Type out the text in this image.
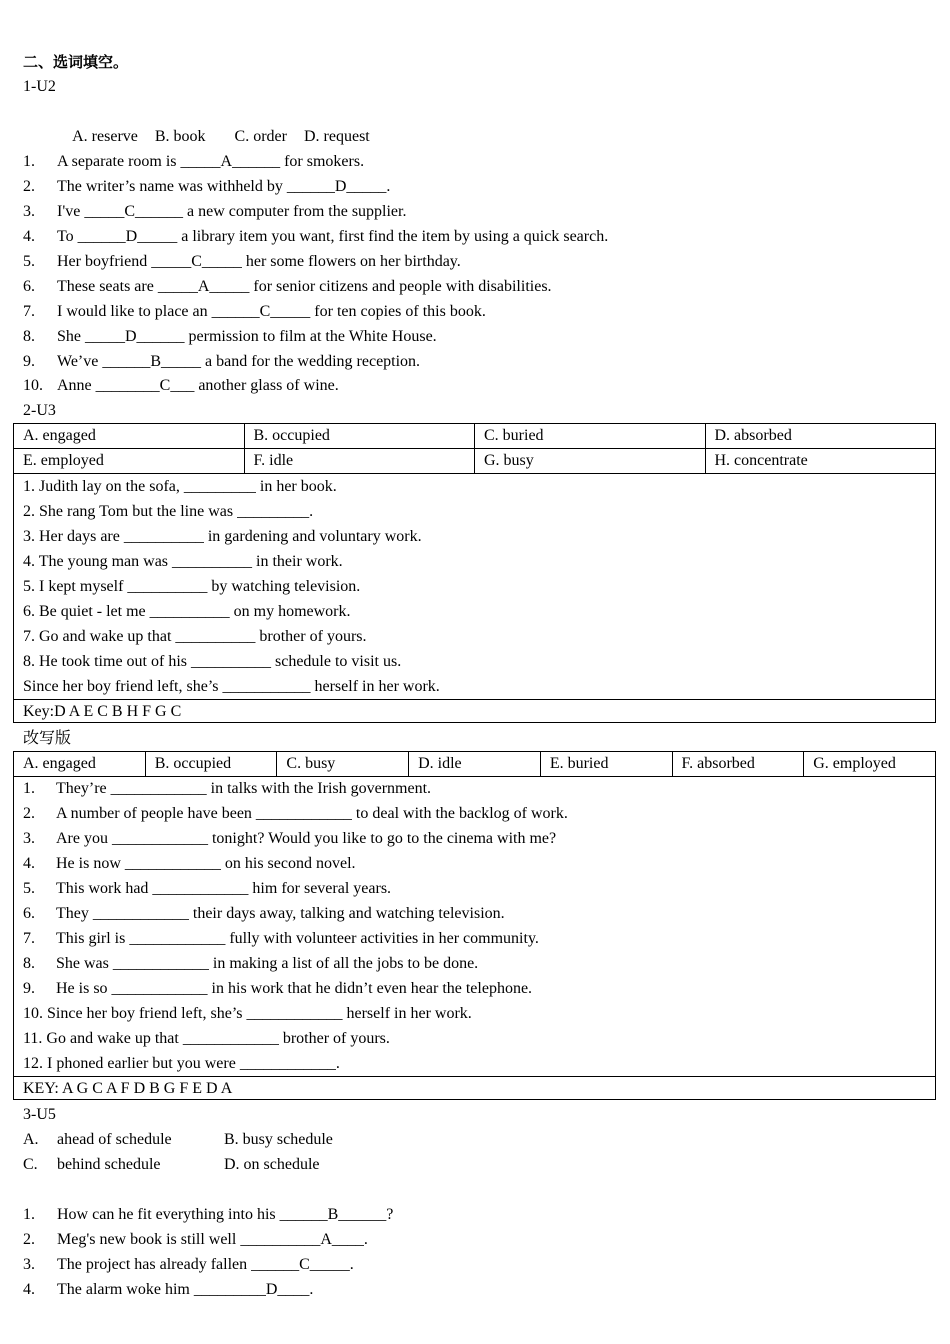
二、选词填空。
1-U2

A. reserve B. book C. order D. request

1. A separate room is _____A______ for smokers.
2. The writer’s name was withheld by ______D_____.
3. I've _____C______ a new computer from the supplier.
4. To ______D_____ a library item you want, first find the item by using a quick search.
5. Her boyfriend _____C_____ her some flowers on her birthday.
6. These seats are _____A_____ for senior citizens and people with disabilities.
7. I would like to place an ______C_____ for ten copies of this book.
8. She _____D______ permission to film at the White House.
9. We’ve ______B_____ a band for the wedding reception.
10. Anne ________C___ another glass of wine.
2-U3
A. engaged	B. occupied	C. buried	D. absorbed
E. employed	F. idle	G. busy	H. concentrate
1. Judith lay on the sofa, _________ in her book.
2. She rang Tom but the line was _________.
3. Her days are __________ in gardening and voluntary work.
4. The young man was __________ in their work.
5. I kept myself __________ by watching television.
6. Be quiet - let me __________ on my homework.
7. Go and wake up that __________ brother of yours.
8. He took time out of his __________ schedule to visit us.
Since her boy friend left, she’s ___________ herself in her work.
Key:D A E C B H F G C
改写版
A. engaged	B. occupied	C. busy	D. idle	E. buried	F. absorbed	G. employed
1. They’re ____________ in talks with the Irish government.
2. A number of people have been ____________ to deal with the backlog of work.
3. Are you ____________ tonight? Would you like to go to the cinema with me?
4. He is now ____________ on his second novel.
5. This work had ____________ him for several years.
6. They ____________ their days away, talking and watching television.
7. This girl is ____________ fully with volunteer activities in her community.
8. She was ____________ in making a list of all the jobs to be done.
9. He is so ____________ in his work that he didn’t even hear the telephone.
10. Since her boy friend left, she’s ____________ herself in her work.
11. Go and wake up that ____________ brother of yours.
12. I phoned earlier but you were ____________.
KEY: A G C A F D B G F E D A
3-U5
A. ahead of schedule	B. busy schedule
C. behind schedule	D. on schedule
1. How can he fit everything into his ______B______?
2. Meg's new book is still well __________A____.
3. The project has already fallen ______C_____.
4. The alarm woke him _________D____.
